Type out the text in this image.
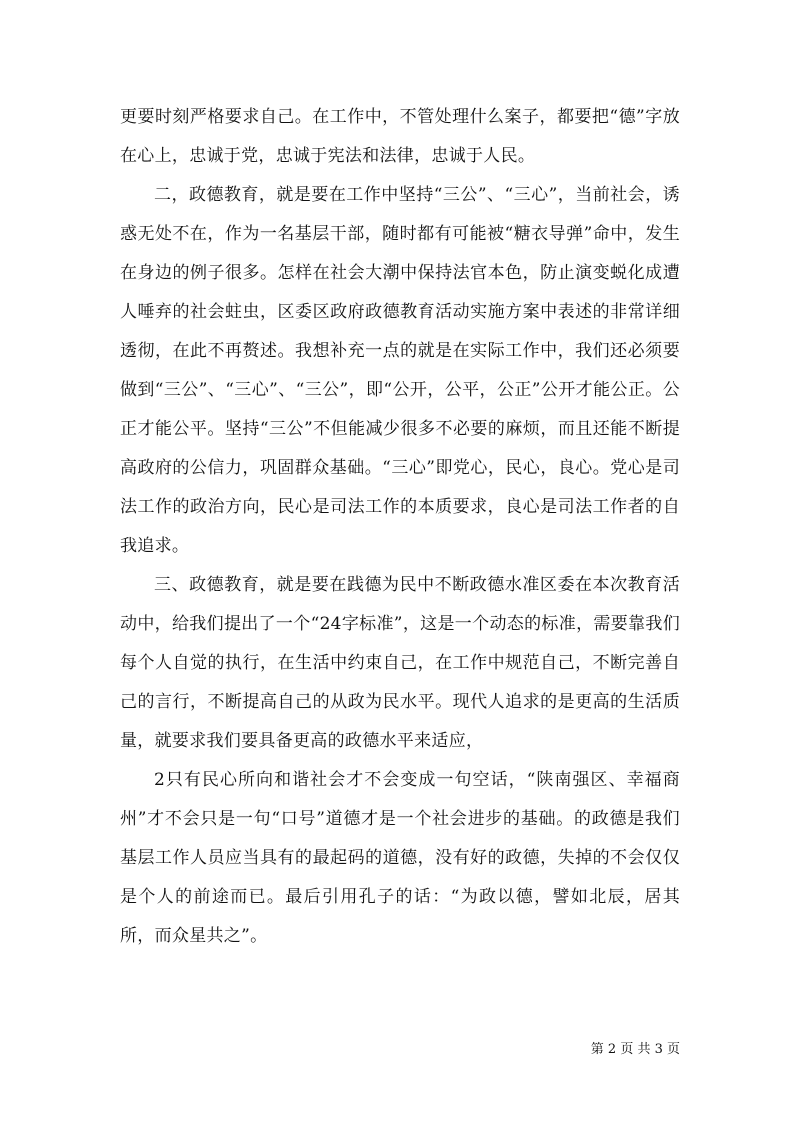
更要时刻严格要求自己。在工作中，不管处理什么案子，都要把“德”字放在心上，忠诚于党，忠诚于宪法和法律，忠诚于人民。

二，政德教育，就是要在工作中坚持“三公”、“三心”，当前社会，诱惑无处不在，作为一名基层干部，随时都有可能被“糖衣导弹”命中，发生在身边的例子很多。怎样在社会大潮中保持法官本色，防止演变蜕化成遭人唾弃的社会蛀虫，区委区政府政德教育活动实施方案中表述的非常详细透彻，在此不再赘述。我想补充一点的就是在实际工作中，我们还必须要做到“三公”、“三心”、“三公”，即“公开，公平，公正”公开才能公正。公正才能公平。坚持“三公”不但能减少很多不必要的麻烦，而且还能不断提高政府的公信力，巩固群众基础。“三心”即党心，民心，良心。党心是司法工作的政治方向，民心是司法工作的本质要求，良心是司法工作者的自我追求。

三、政德教育，就是要在践德为民中不断政德水准区委在本次教育活动中，给我们提出了一个“24字标准”，这是一个动态的标准，需要靠我们每个人自觉的执行，在生活中约束自己，在工作中规范自己，不断完善自己的言行，不断提高自己的从政为民水平。现代人追求的是更高的生活质量，就要求我们要具备更高的政德水平来适应，

2只有民心所向和谐社会才不会变成一句空话，“陕南强区、幸福商州”才不会只是一句“口号”道德才是一个社会进步的基础。的政德是我们基层工作人员应当具有的最起码的道德，没有好的政德，失掉的不会仅仅是个人的前途而已。最后引用孔子的话：“为政以德，譬如北辰，居其所，而众星共之”。

第 2 页 共 3 页
